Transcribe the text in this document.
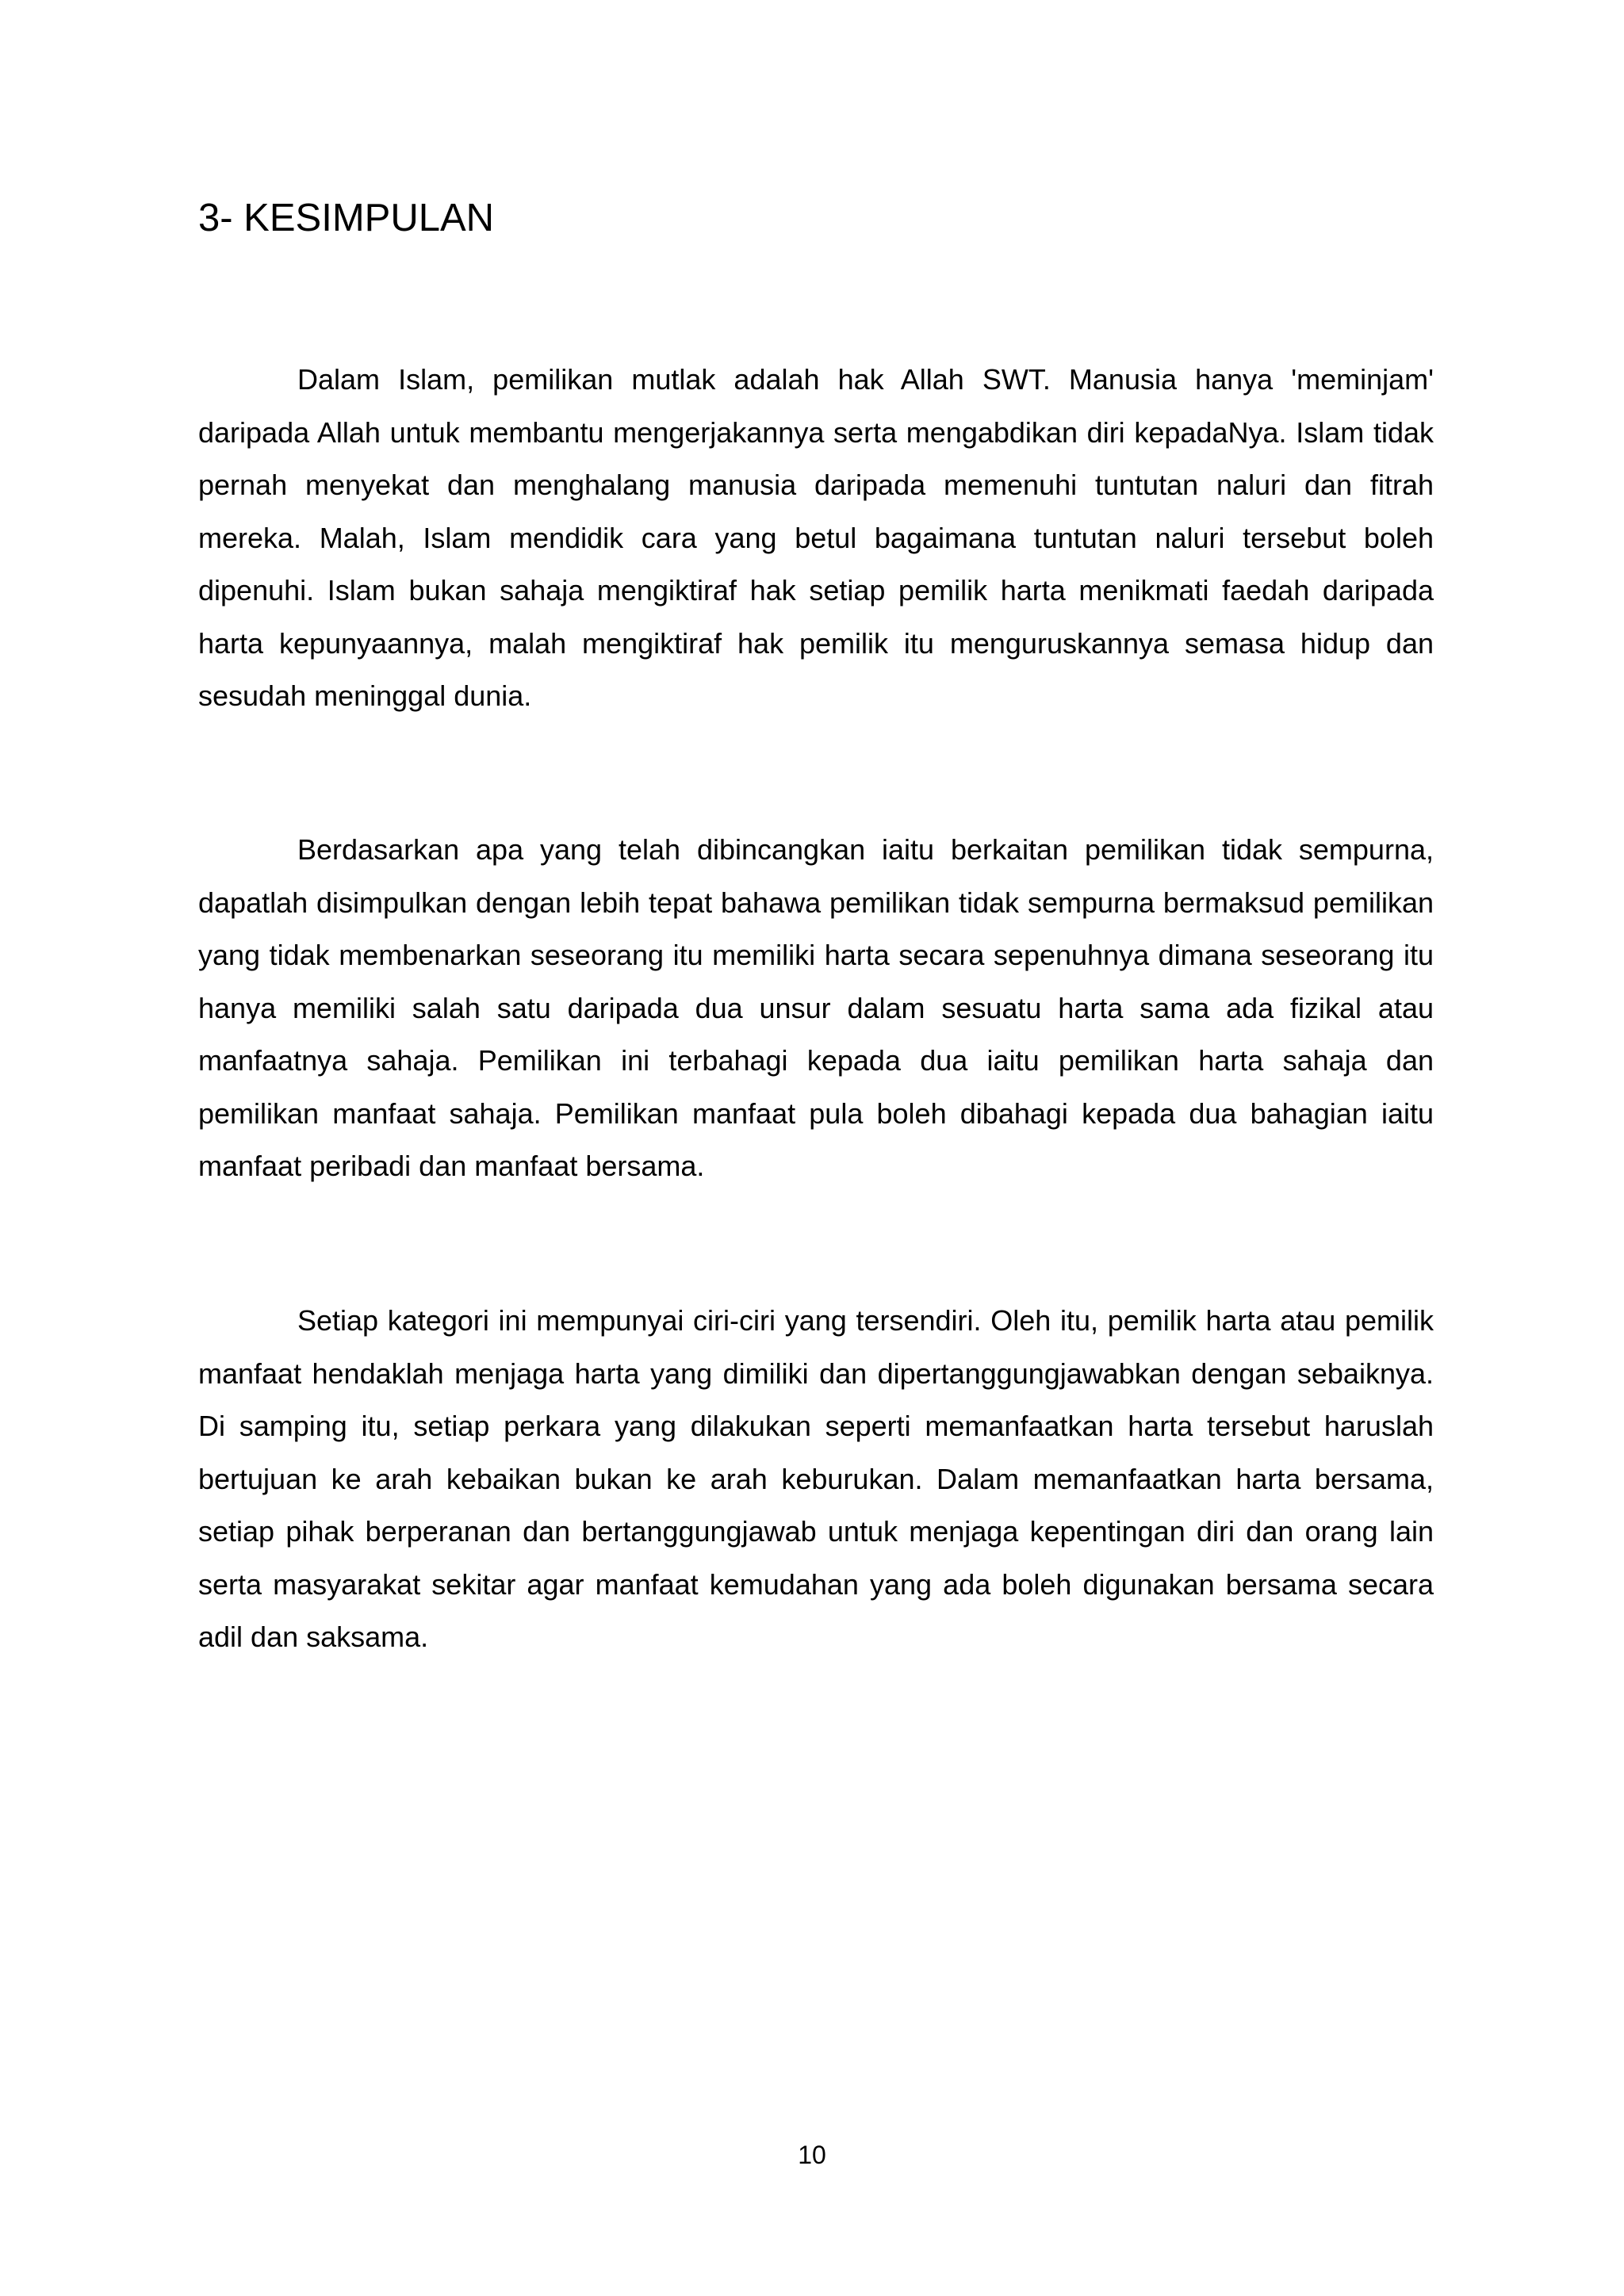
3- KESIMPULAN

Dalam Islam, pemilikan mutlak adalah hak Allah SWT. Manusia hanya 'meminjam' daripada Allah untuk membantu mengerjakannya serta mengabdikan diri kepadaNya. Islam tidak pernah menyekat dan menghalang manusia daripada memenuhi tuntutan naluri dan fitrah mereka. Malah, Islam mendidik cara yang betul bagaimana tuntutan naluri tersebut boleh dipenuhi. Islam bukan sahaja mengiktiraf hak setiap pemilik harta menikmati faedah daripada harta kepunyaannya, malah mengiktiraf hak pemilik itu menguruskannya semasa hidup dan sesudah meninggal dunia.

Berdasarkan apa yang telah dibincangkan iaitu berkaitan pemilikan tidak sempurna, dapatlah disimpulkan dengan lebih tepat bahawa pemilikan tidak sempurna bermaksud pemilikan yang tidak membenarkan seseorang itu memiliki harta secara sepenuhnya dimana seseorang itu hanya memiliki salah satu daripada dua unsur dalam sesuatu harta sama ada fizikal atau manfaatnya sahaja. Pemilikan ini terbahagi kepada dua iaitu pemilikan harta sahaja dan pemilikan manfaat sahaja. Pemilikan manfaat pula boleh dibahagi kepada dua bahagian iaitu manfaat peribadi dan manfaat bersama.

Setiap kategori ini mempunyai ciri-ciri yang tersendiri. Oleh itu, pemilik harta atau pemilik manfaat hendaklah menjaga harta yang dimiliki dan dipertanggungjawabkan dengan sebaiknya. Di samping itu, setiap perkara yang dilakukan seperti memanfaatkan harta tersebut haruslah bertujuan ke arah kebaikan bukan ke arah keburukan. Dalam memanfaatkan harta bersama, setiap pihak berperanan dan bertanggungjawab untuk menjaga kepentingan diri dan orang lain serta masyarakat sekitar agar manfaat kemudahan yang ada boleh digunakan bersama secara adil dan saksama.

10
